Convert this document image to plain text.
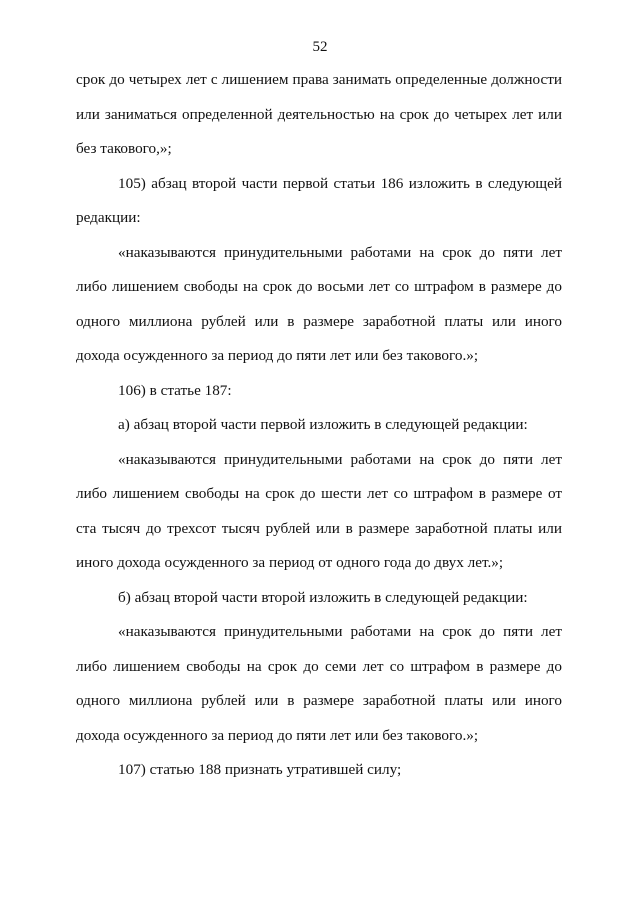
52

срок до четырех лет с лишением права занимать определенные должности или заниматься определенной деятельностью на срок до четырех лет или без такового,»;

105) абзац второй части первой статьи 186 изложить в следующей редакции:

«наказываются принудительными работами на срок до пяти лет либо лишением свободы на срок до восьми лет со штрафом в размере до одного миллиона рублей или в размере заработной платы или иного дохода осужденного за период до пяти лет или без такового.»;

106) в статье 187:

а) абзац второй части первой изложить в следующей редакции:

«наказываются принудительными работами на срок до пяти лет либо лишением свободы на срок до шести лет со штрафом в размере от ста тысяч до трехсот тысяч рублей или в размере заработной платы или иного дохода осужденного за период от одного года до двух лет.»;

б) абзац второй части второй изложить в следующей редакции:

«наказываются принудительными работами на срок до пяти лет либо лишением свободы на срок до семи лет со штрафом в размере до одного миллиона рублей или в размере заработной платы или иного дохода осужденного за период до пяти лет или без такового.»;

107) статью 188 признать утратившей силу;
